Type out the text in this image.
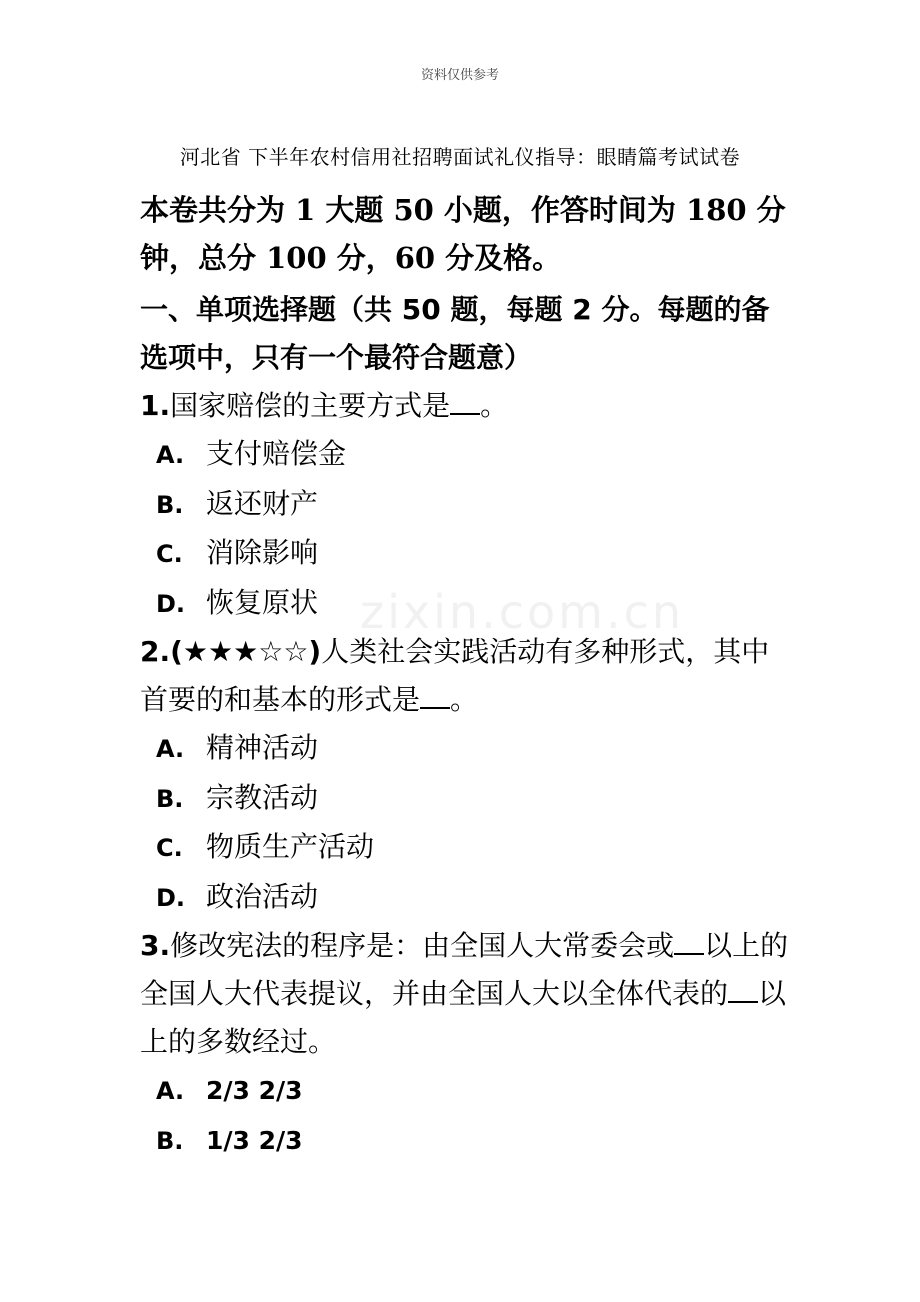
资料仅供参考
河北省 下半年农村信用社招聘面试礼仪指导：眼睛篇考试试卷
zixin.com.cn

本卷共分为 1 大题 50 小题，作答时间为 180 分钟，总分 100 分，60 分及格。

一、单项选择题（共 50 题，每题 2 分。每题的备选项中，只有一个最符合题意）

1.国家赔偿的主要方式是 。

A. 支付赔偿金
B. 返还财产
C. 消除影响
D. 恢复原状

2.(★★★☆☆)人类社会实践活动有多种形式，其中首要的和基本的形式是 。

A. 精神活动
B. 宗教活动
C. 物质生产活动
D. 政治活动

3.修改宪法的程序是：由全国人大常委会或 以上的全国人大代表提议，并由全国人大以全体代表的 以上的多数经过。

A. 2/3 2/3
B. 1/3 2/3
